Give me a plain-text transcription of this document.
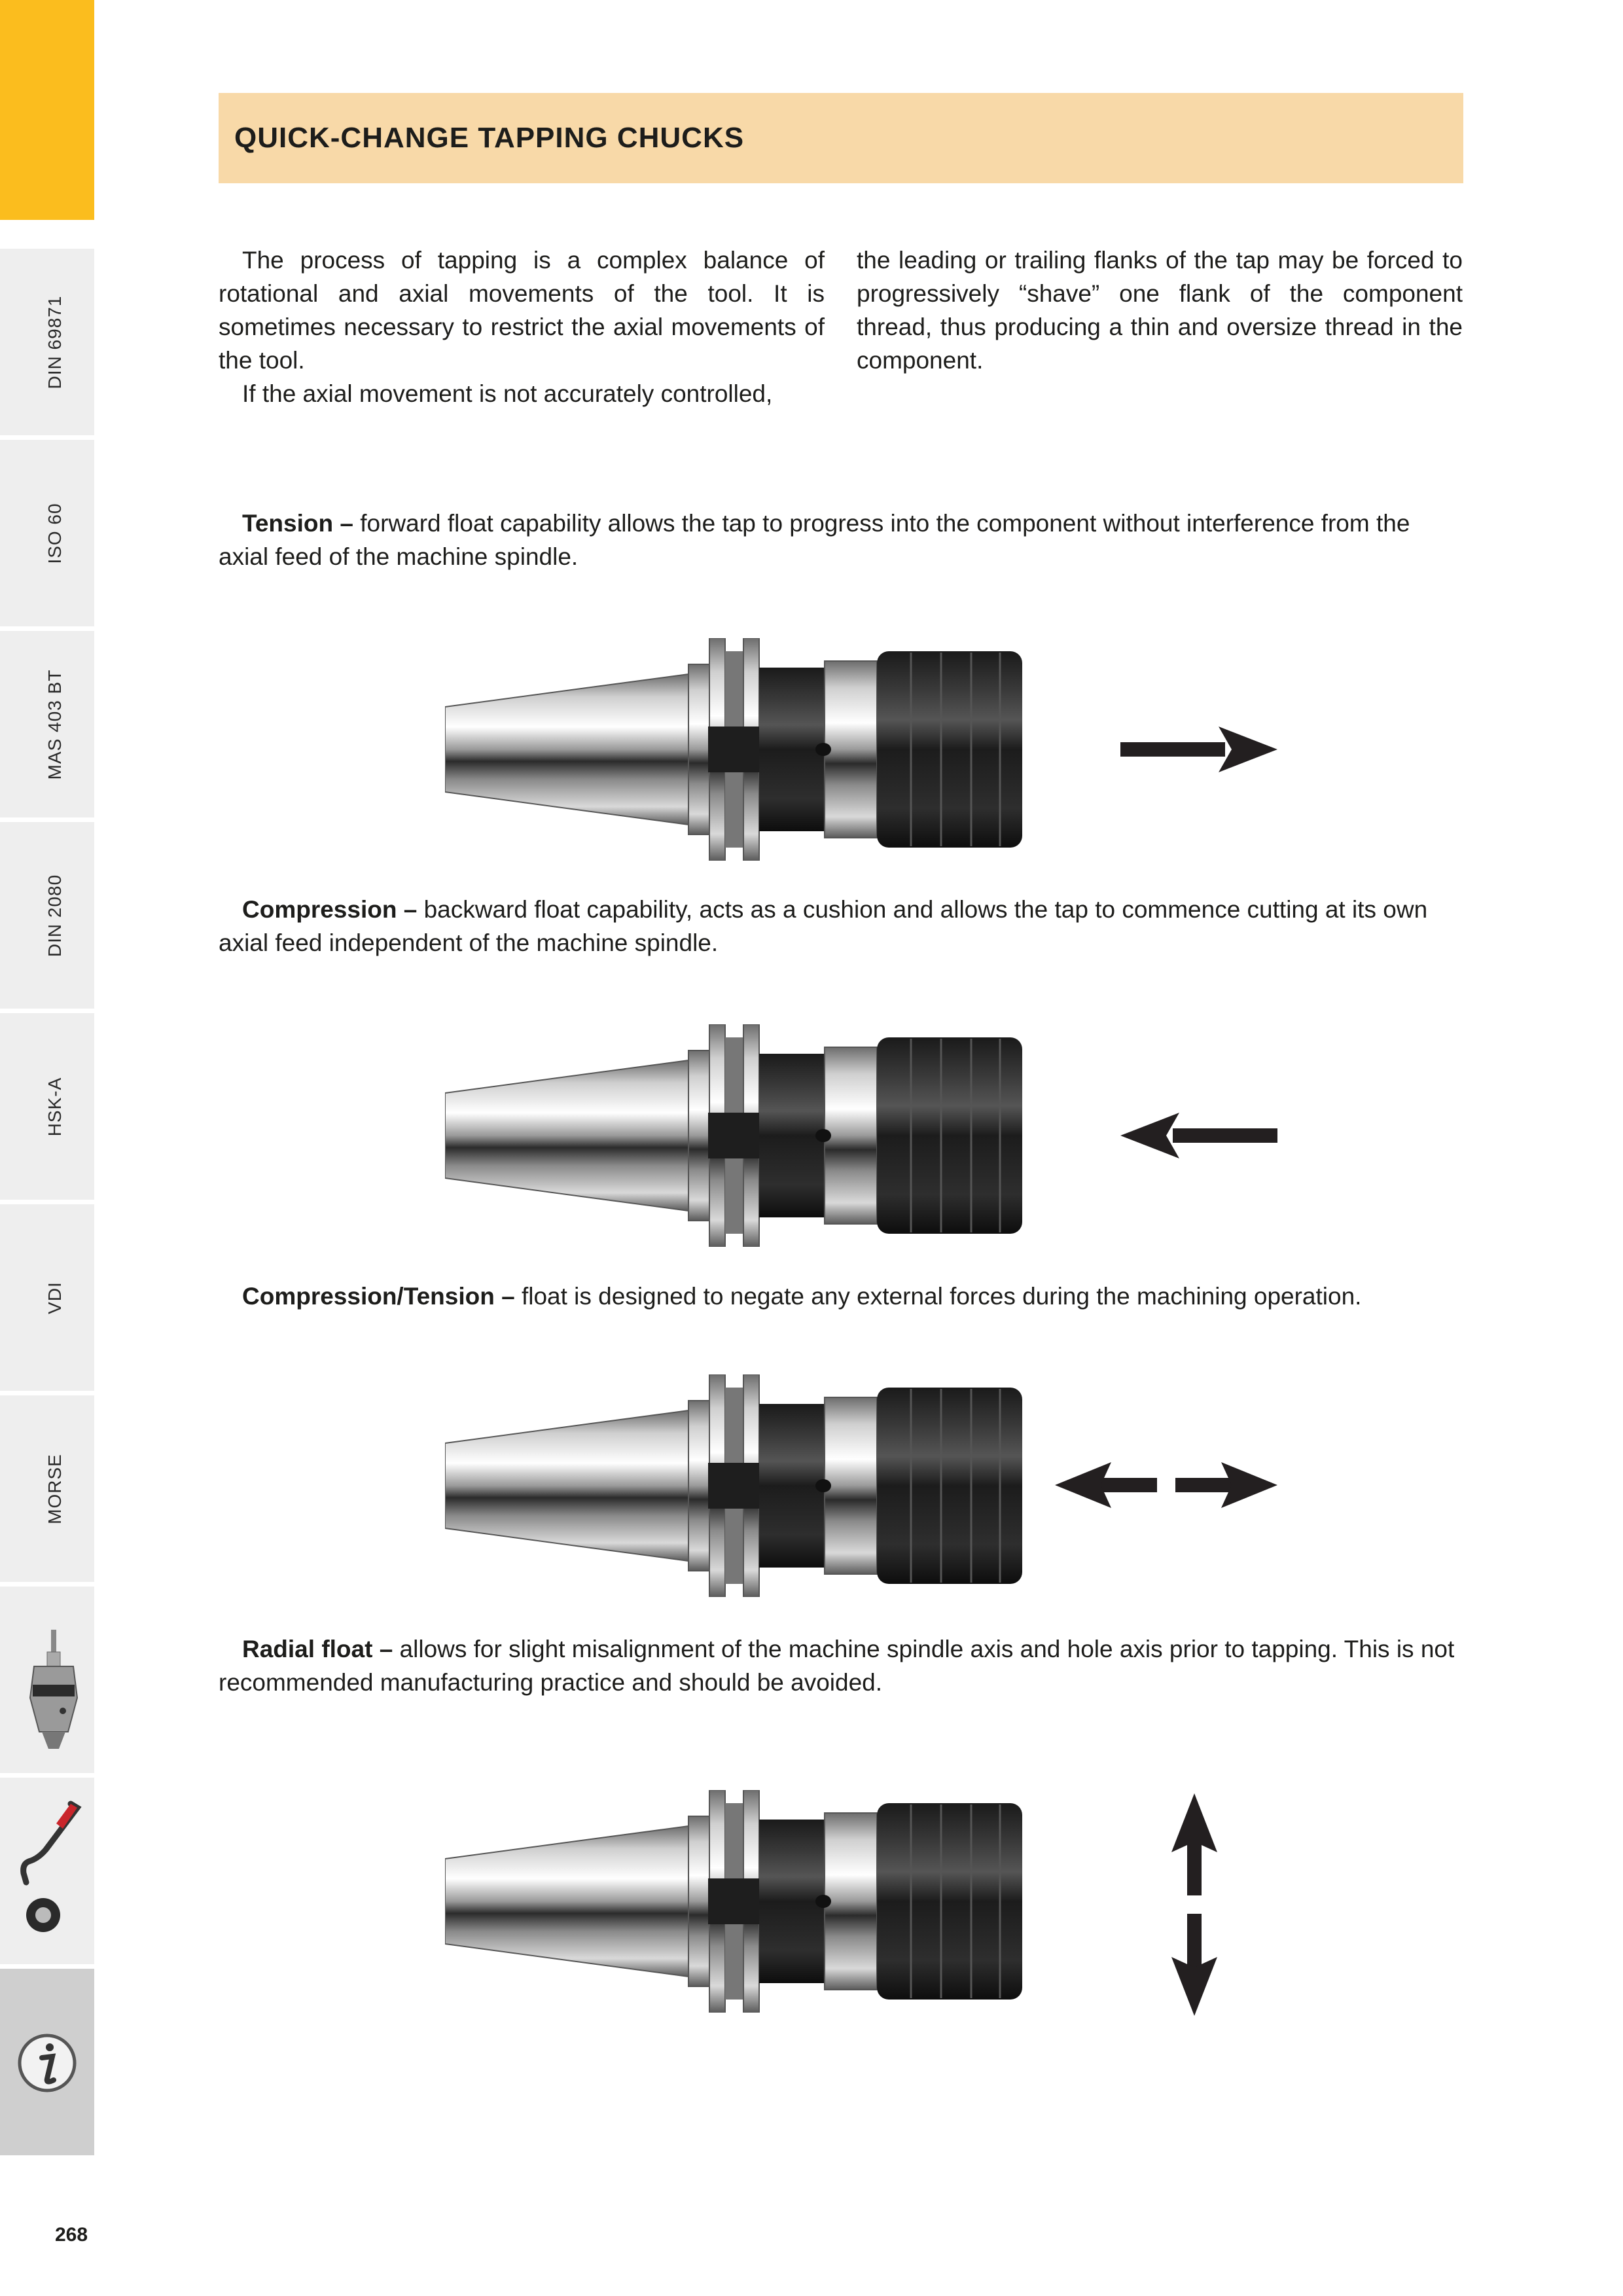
DIN 69871
ISO 60
MAS 403 BT
DIN 2080
HSK-A
VDI
MORSE
QUICK-CHANGE TAPPING CHUCKS

The process of tapping is a complex balance of rotational and axial movements of the tool. It is sometimes necessary to restrict the axial movements of the tool.

If the axial movement is not accurately controlled,

the leading or trailing flanks of the tap may be forced to progressively “shave” one flank of the component thread, thus producing a thin and oversize thread in the component.

Tension – forward float capability allows the tap to progress into the component without interference from the axial feed of the machine spindle.
Compression – backward float capability, acts as a cushion and allows the tap to commence cutting at its own axial feed independent of the machine spindle.
Compression/Tension – float is designed to negate any external forces during the machining operation.
Radial float – allows for slight misalignment of the machine spindle axis and hole axis prior to tapping. This is not recommended manufacturing practice and should be avoided.
268
